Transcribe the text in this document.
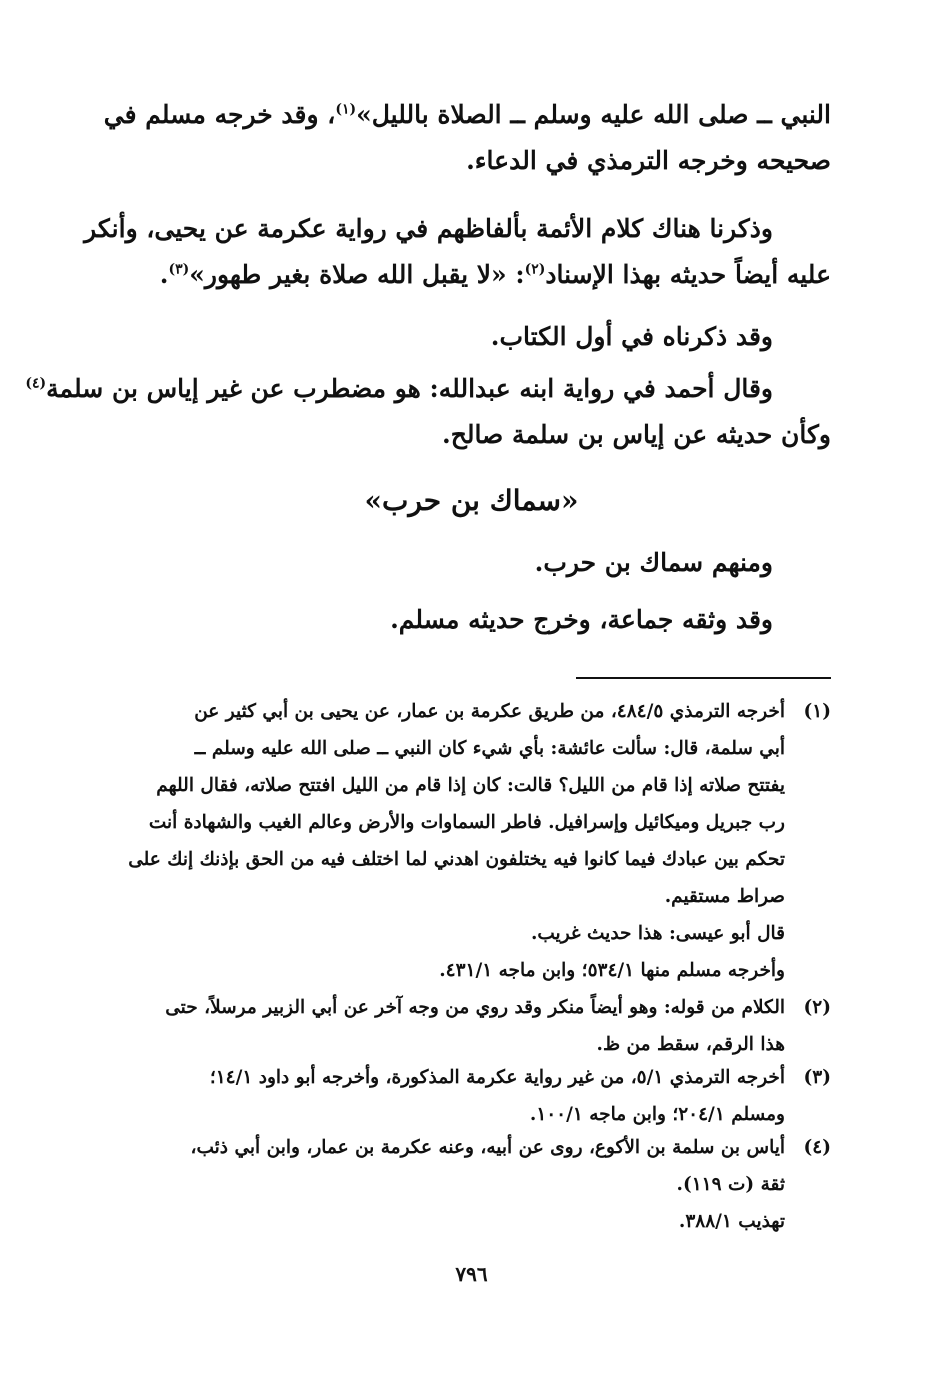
النبي ــ صلى الله عليه وسلم ــ الصلاة بالليل»$^{(١)}$، وقد خرجه مسلم في
صحيحه وخرجه الترمذي في الدعاء.
وذكرنا هناك كلام الأئمة بألفاظهم في رواية عكرمة عن يحيى، وأنكر
عليه أيضاً حديثه بهذا الإسناد$^{(٢)}$: «لا يقبل الله صلاة بغير طهور»$^{(٣)}$.
وقد ذكرناه في أول الكتاب.
وقال أحمد في رواية ابنه عبدالله: هو مضطرب عن غير إياس بن سلمة$^{(٤)}$
وكأن حديثه عن إياس بن سلمة صالح.
«سماك بن حرب»
ومنهم سماك بن حرب.
وقد وثقه جماعة، وخرج حديثه مسلم.
(١)
أخرجه الترمذي ٤٨٤/٥، من طريق عكرمة بن عمار، عن يحيى بن أبي كثير عن
أبي سلمة، قال: سألت عائشة: بأي شيء كان النبي ــ صلى الله عليه وسلم ــ
يفتتح صلاته إذا قام من الليل؟ قالت: كان إذا قام من الليل افتتح صلاته، فقال اللهم
رب جبريل وميكائيل وإسرافيل. فاطر السماوات والأرض وعالم الغيب والشهادة أنت
تحكم بين عبادك فيما كانوا فيه يختلفون اهدني لما اختلف فيه من الحق بإذنك إنك على
صراط مستقيم.
قال أبو عيسى: هذا حديث غريب.
وأخرجه مسلم منها ٥٣٤/١؛ وابن ماجه ٤٣١/١.
(٢)
الكلام من قوله: وهو أيضاً منكر وقد روي من وجه آخر عن أبي الزبير مرسلاً، حتى
هذا الرقم، سقط من ظ.
(٣)
أخرجه الترمذي ٥/١، من غير رواية عكرمة المذكورة، وأخرجه أبو داود ١٤/١؛
ومسلم ٢٠٤/١؛ وابن ماجه ١٠٠/١.
(٤)
أياس بن سلمة بن الأكوع، روى عن أبيه، وعنه عكرمة بن عمار، وابن أبي ذئب،
ثقة (ت ١١٩).
تهذيب ٣٨٨/١.
٧٩٦
